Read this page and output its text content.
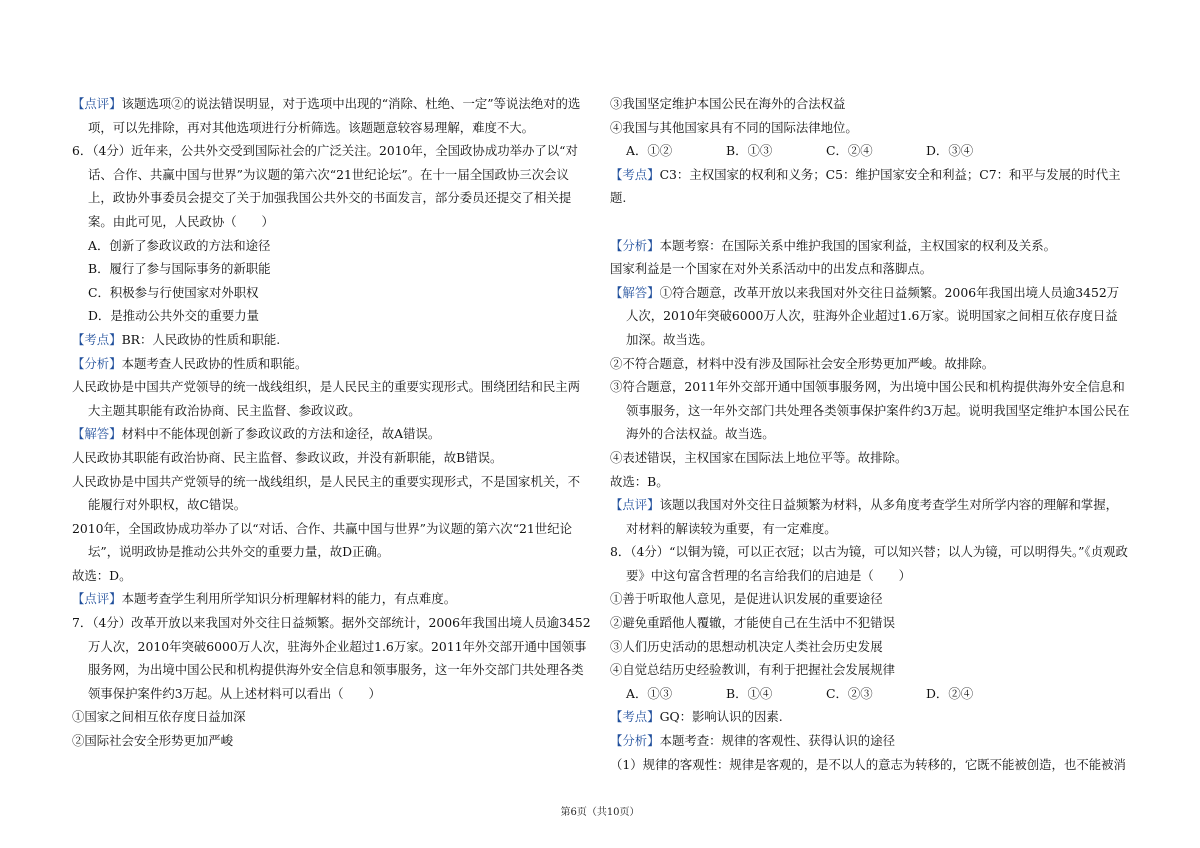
【点评】该题选项②的说法错误明显，对于选项中出现的“消除、杜绝、一定”等说法绝对的选项，可以先排除，再对其他选项进行分析筛选。该题题意较容易理解，难度不大。

6．（4分）近年来，公共外交受到国际社会的广泛关注。2010年，全国政协成功举办了以“对话、合作、共赢中国与世界”为议题的第六次“21世纪论坛”。在十一届全国政协三次会议上，政协外事委员会提交了关于加强我国公共外交的书面发言，部分委员还提交了相关提案。由此可见，人民政协（　　）

A．创新了参政议政的方法和途径

B．履行了参与国际事务的新职能

C．积极参与行使国家对外职权

D．是推动公共外交的重要力量

【考点】BR：人民政协的性质和职能.

【分析】本题考查人民政协的性质和职能。

人民政协是中国共产党领导的统一战线组织，是人民民主的重要实现形式。围绕团结和民主两大主题其职能有政治协商、民主监督、参政议政。

【解答】材料中不能体现创新了参政议政的方法和途径，故A错误。

人民政协其职能有政治协商、民主监督、参政议政，并没有新职能，故B错误。

人民政协是中国共产党领导的统一战线组织，是人民民主的重要实现形式，不是国家机关，不能履行对外职权，故C错误。

2010年，全国政协成功举办了以“对话、合作、共赢中国与世界”为议题的第六次“21世纪论坛”，说明政协是推动公共外交的重要力量，故D正确。

故选：D。

【点评】本题考查学生利用所学知识分析理解材料的能力，有点难度。

7．（4分）改革开放以来我国对外交往日益频繁。据外交部统计，2006年我国出境人员逾3452万人次，2010年突破6000万人次，驻海外企业超过1.6万家。2011年外交部开通中国领事服务网，为出境中国公民和机构提供海外安全信息和领事服务，这一年外交部门共处理各类领事保护案件约3万起。从上述材料可以看出（　　）

①国家之间相互依存度日益加深

②国际社会安全形势更加严峻

③我国坚定维护本国公民在海外的合法权益

④我国与其他国家具有不同的国际法律地位。

A．①②	B．①③	C．②④	D．③④

【考点】C3：主权国家的权利和义务；C5：维护国家安全和利益；C7：和平与发展的时代主题.

【分析】本题考察：在国际关系中维护我国的国家利益，主权国家的权利及关系。

国家利益是一个国家在对外关系活动中的出发点和落脚点。

【解答】①符合题意，改革开放以来我国对外交往日益频繁。2006年我国出境人员逾3452万人次，2010年突破6000万人次，驻海外企业超过1.6万家。说明国家之间相互依存度日益加深。故当选。

②不符合题意，材料中没有涉及国际社会安全形势更加严峻。故排除。

③符合题意，2011年外交部开通中国领事服务网，为出境中国公民和机构提供海外安全信息和领事服务，这一年外交部门共处理各类领事保护案件约3万起。说明我国坚定维护本国公民在海外的合法权益。故当选。

④表述错误，主权国家在国际法上地位平等。故排除。

故选：B。

【点评】该题以我国对外交往日益频繁为材料，从多角度考查学生对所学内容的理解和掌握，对材料的解读较为重要，有一定难度。

8．（4分）“以铜为镜，可以正衣冠；以古为镜，可以知兴替；以人为镜，可以明得失。”《贞观政要》中这句富含哲理的名言给我们的启迪是（　　）

①善于听取他人意见，是促进认识发展的重要途径

②避免重蹈他人覆辙，才能使自己在生活中不犯错误

③人们历史活动的思想动机决定人类社会历史发展

④自觉总结历史经验教训，有利于把握社会发展规律

A．①③	B．①④	C．②③	D．②④

【考点】GQ：影响认识的因素.

【分析】本题考查：规律的客观性、获得认识的途径

（1）规律的客观性：规律是客观的，是不以人的意志为转移的，它既不能被创造，也不能被消

第6页（共10页）
